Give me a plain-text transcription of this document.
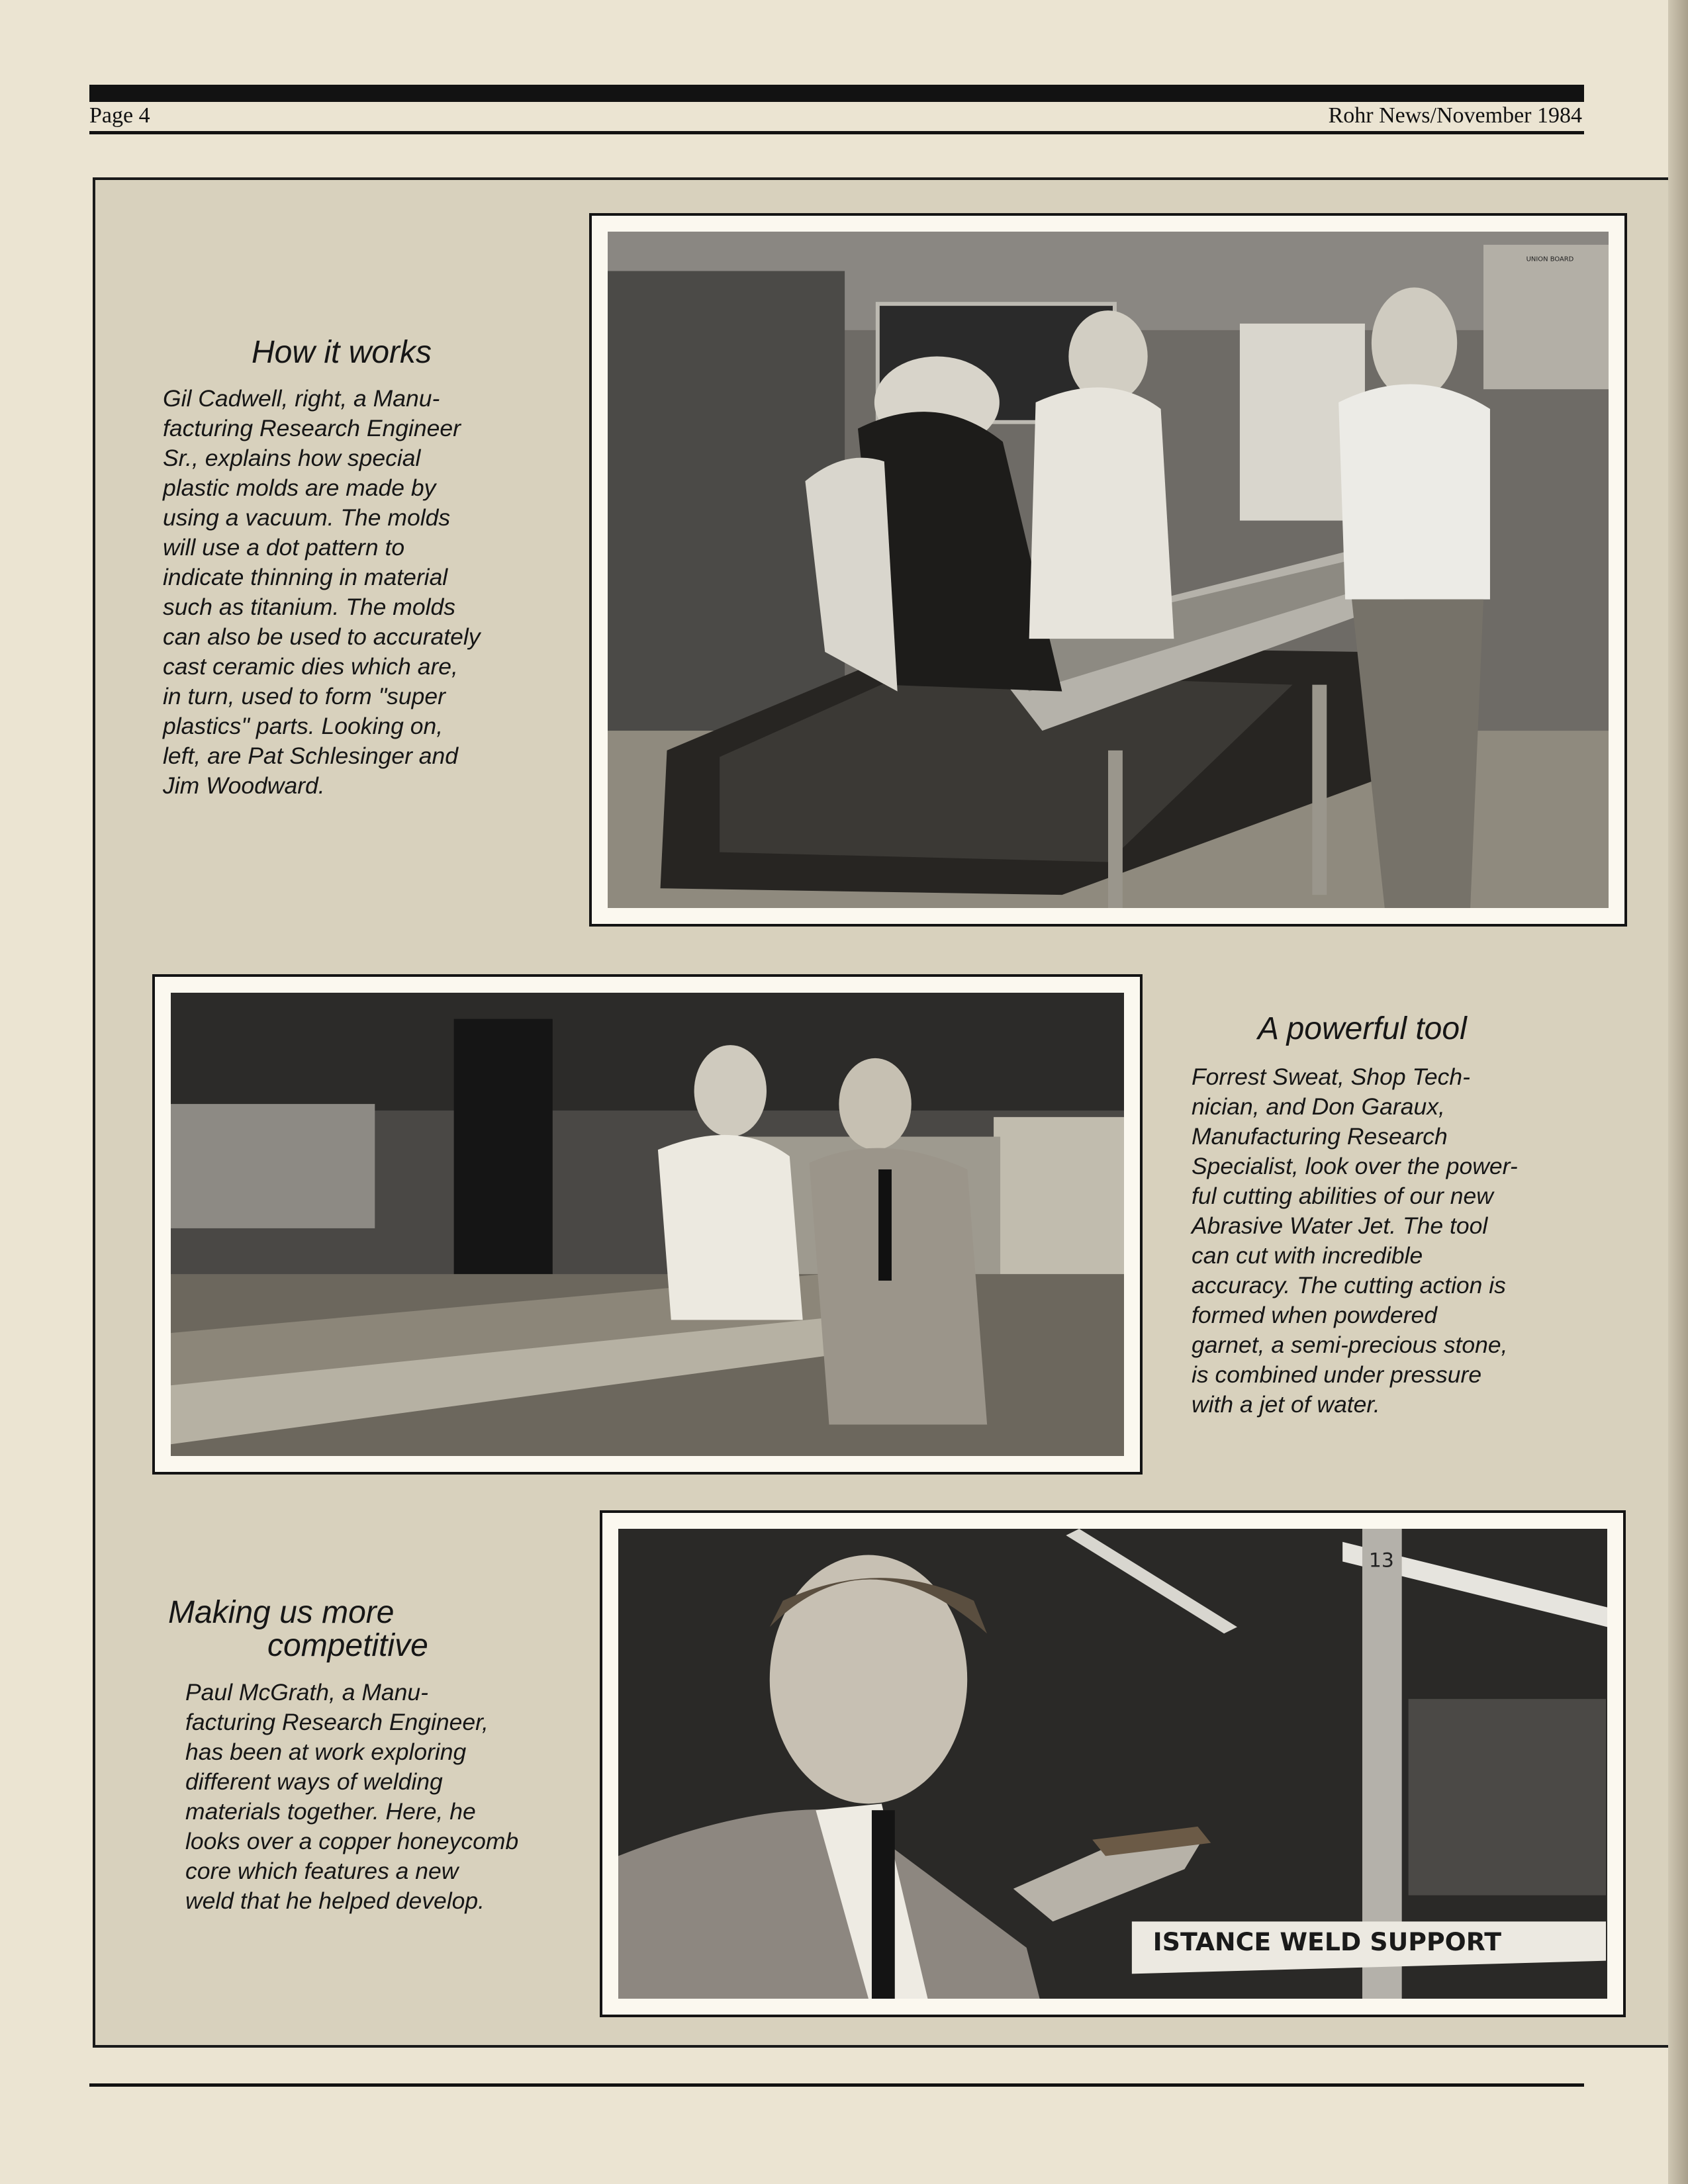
Page 4	Rohr News/November 1984
How it works

Gil Cadwell, right, a Manu-
facturing Research Engineer
Sr., explains how special
plastic molds are made by
using a vacuum. The molds
will use a dot pattern to
indicate thinning in material
such as titanium. The molds
can also be used to accurately
cast ceramic dies which are,
in turn, used to form "super
plastics" parts. Looking on,
left, are Pat Schlesinger and
Jim Woodward.

UNION BOARD
A powerful tool

Forrest Sweat, Shop Tech-
nician, and Don Garaux,
Manufacturing Research
Specialist, look over the power-
ful cutting abilities of our new
Abrasive Water Jet. The tool
can cut with incredible
accuracy. The cutting action is
formed when powdered
garnet, a semi-precious stone,
is combined under pressure
with a jet of water.

Making us more
competitive

Paul McGrath, a Manu-
facturing Research Engineer,
has been at work exploring
different ways of welding
materials together. Here, he
looks over a copper honeycomb
core which features a new
weld that he helped develop.

13
ISTANCE WELD SUPPORT
